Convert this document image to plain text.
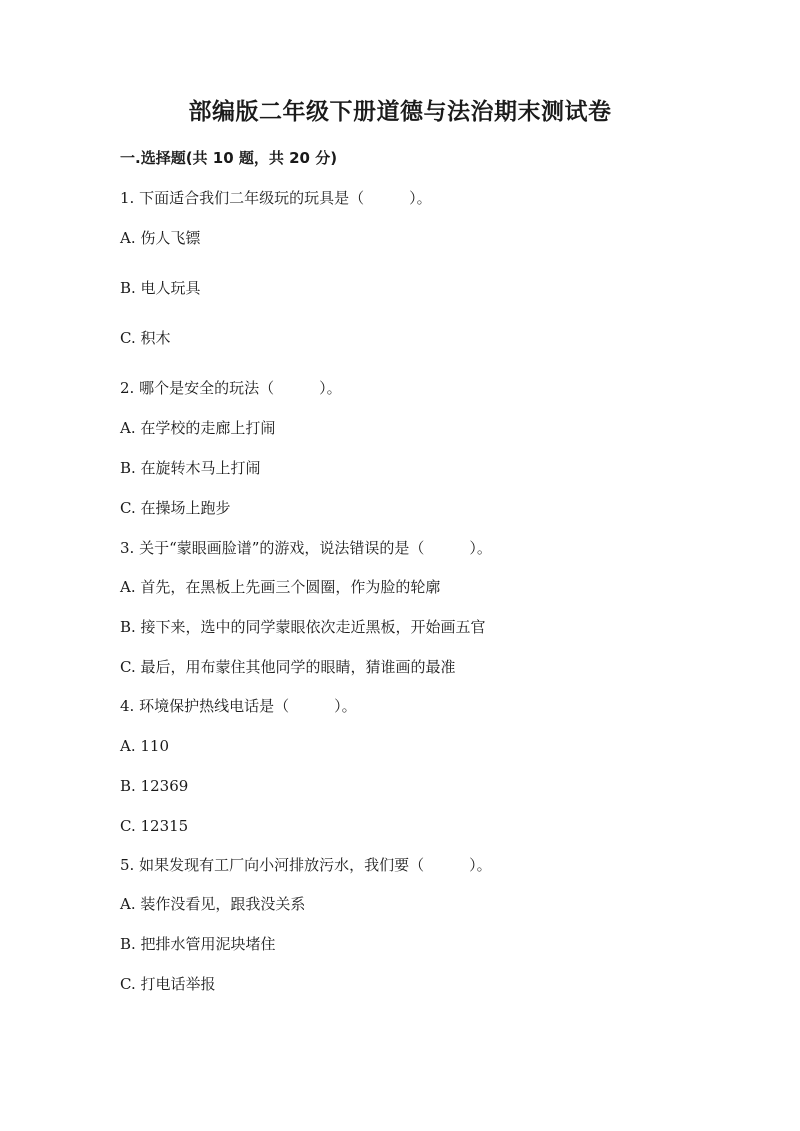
部编版二年级下册道德与法治期末测试卷
一.选择题(共 10 题，共 20 分)
1. 下面适合我们二年级玩的玩具是（　　　）。
A. 伤人飞镖
B. 电人玩具
C. 积木
2. 哪个是安全的玩法（　　　）。
A. 在学校的走廊上打闹
B. 在旋转木马上打闹
C. 在操场上跑步
3. 关于“蒙眼画脸谱”的游戏，说法错误的是（　　　）。
A. 首先，在黑板上先画三个圆圈，作为脸的轮廓
B. 接下来，选中的同学蒙眼依次走近黑板，开始画五官
C. 最后，用布蒙住其他同学的眼睛，猜谁画的最准
4. 环境保护热线电话是（　　　）。
A. 110
B. 12369
C. 12315
5. 如果发现有工厂向小河排放污水，我们要（　　　）。
A. 装作没看见，跟我没关系
B. 把排水管用泥块堵住
C. 打电话举报
